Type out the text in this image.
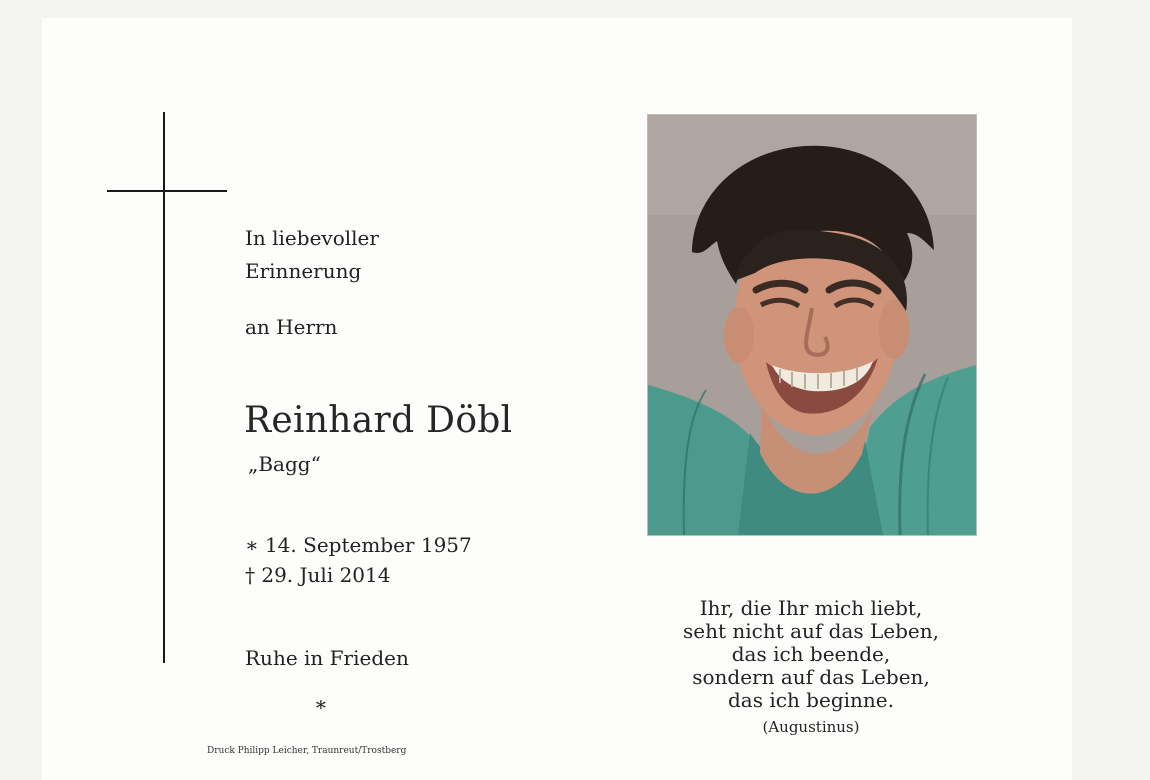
In liebevoller
Erinnerung
an Herrn
Reinhard Döbl
„Bagg“
∗ 14. September 1957
† 29. Juli 2014
Ruhe in Frieden
∗
Druck Philipp Leicher, Traunreut/Trostberg
Ihr, die Ihr mich liebt,
seht nicht auf das Leben,
das ich beende,
sondern auf das Leben,
das ich beginne.
(Augustinus)
